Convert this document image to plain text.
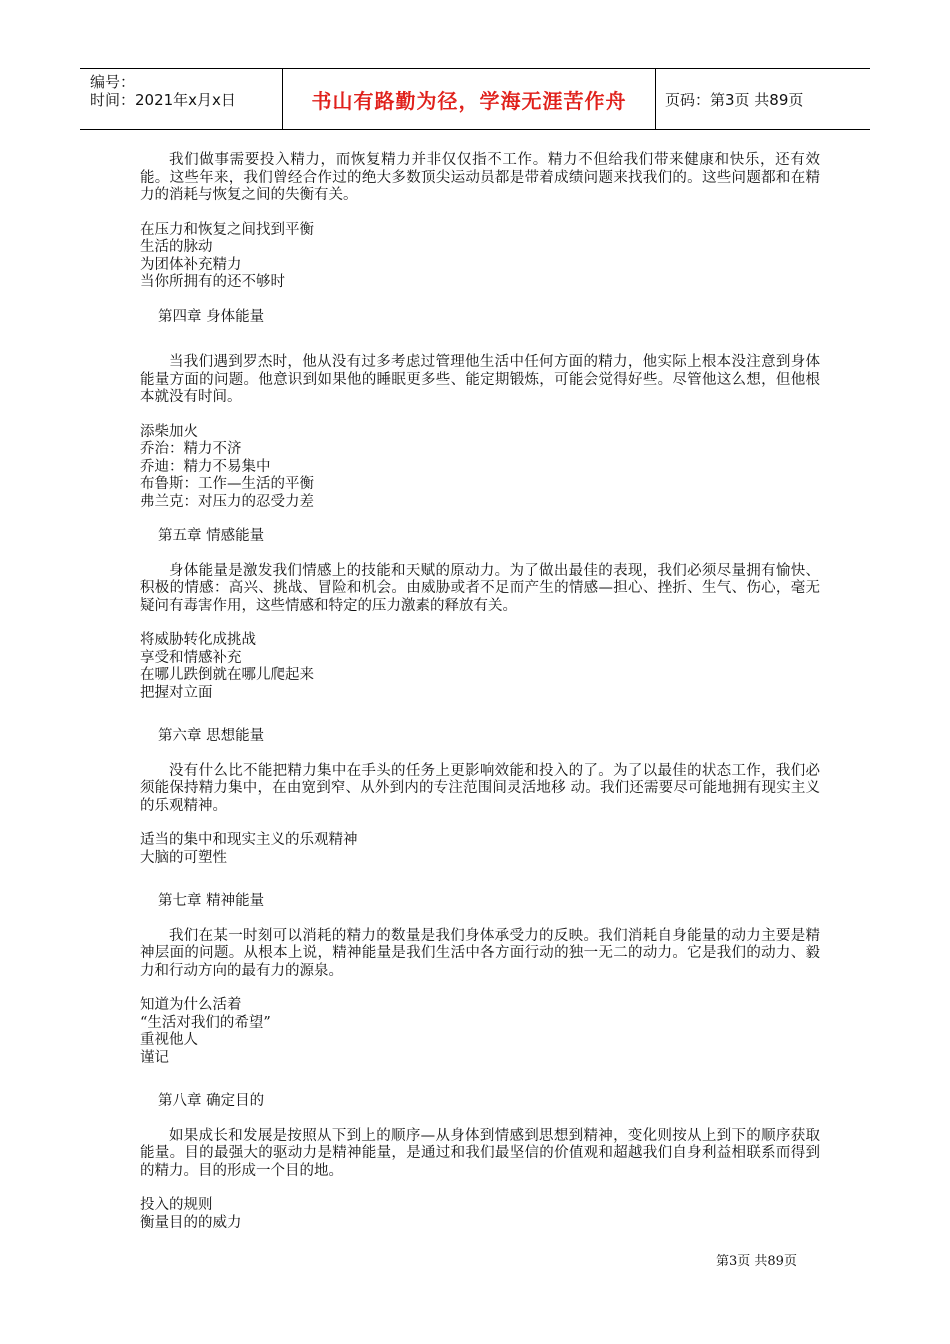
编号：
时间：2021年x月x日	书山有路勤为径，学海无涯苦作舟	页码：第3页 共89页

我们做事需要投入精力，而恢复精力并非仅仅指不工作。精力不但给我们带来健康和快乐，还有效能。这些年来，我们曾经合作过的绝大多数顶尖运动员都是带着成绩问题来找我们的。这些问题都和在精力的消耗与恢复之间的失衡有关。

在压力和恢复之间找到平衡
生活的脉动
为团体补充精力
当你所拥有的还不够时
第四章 身体能量

当我们遇到罗杰时，他从没有过多考虑过管理他生活中任何方面的精力，他实际上根本没注意到身体能量方面的问题。他意识到如果他的睡眠更多些、能定期锻炼，可能会觉得好些。尽管他这么想，但他根本就没有时间。

添柴加火
乔治：精力不济
乔迪：精力不易集中
布鲁斯：工作—生活的平衡
弗兰克：对压力的忍受力差
第五章 情感能量

身体能量是激发我们情感上的技能和天赋的原动力。为了做出最佳的表现，我们必须尽量拥有愉快、积极的情感：高兴、挑战、冒险和机会。由威胁或者不足而产生的情感—担心、挫折、生气、伤心，毫无疑问有毒害作用，这些情感和特定的压力激素的释放有关。

将威胁转化成挑战
享受和情感补充
在哪儿跌倒就在哪儿爬起来
把握对立面
第六章 思想能量

没有什么比不能把精力集中在手头的任务上更影响效能和投入的了。为了以最佳的状态工作，我们必须能保持精力集中，在由宽到窄、从外到内的专注范围间灵活地移 动。我们还需要尽可能地拥有现实主义的乐观精神。

适当的集中和现实主义的乐观精神
大脑的可塑性
第七章 精神能量

我们在某一时刻可以消耗的精力的数量是我们身体承受力的反映。我们消耗自身能量的动力主要是精神层面的问题。从根本上说，精神能量是我们生活中各方面行动的独一无二的动力。它是我们的动力、毅力和行动方向的最有力的源泉。

知道为什么活着
“生活对我们的希望”
重视他人
谨记
第八章 确定目的

如果成长和发展是按照从下到上的顺序—从身体到情感到思想到精神，变化则按从上到下的顺序获取能量。目的最强大的驱动力是精神能量，是通过和我们最坚信的价值观和超越我们自身利益相联系而得到的精力。目的形成一个目的地。

投入的规则
衡量目的的威力
第3页 共89页
